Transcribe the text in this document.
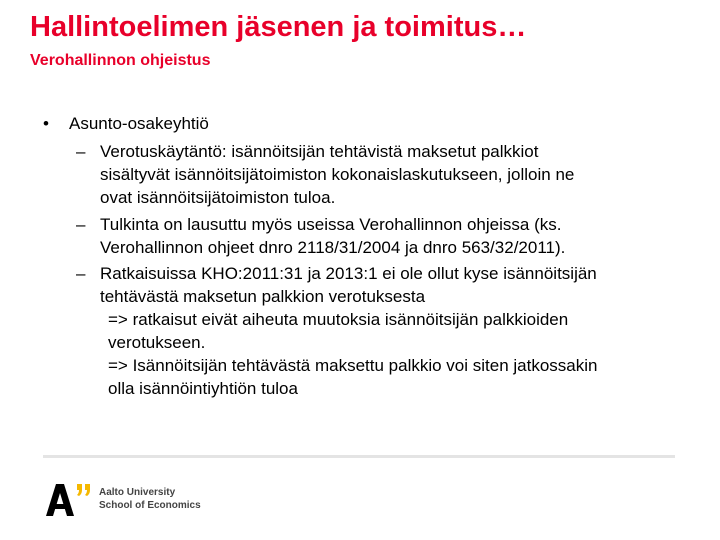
Hallintoelimen jäsenen ja toimitus…
Verohallinnon ohjeistus
• Asunto-osakeyhtiö
– Verotuskäytäntö: isännöitsijän tehtävistä maksetut palkkiot
sisältyvät isännöitsijätoimiston kokonaislaskutukseen, jolloin ne
ovat isännöitsijätoimiston tuloa.
– Tulkinta on lausuttu myös useissa Verohallinnon ohjeissa (ks.
Verohallinnon ohjeet dnro 2118/31/2004 ja dnro 563/32/2011).
– Ratkaisuissa KHO:2011:31 ja 2013:1 ei ole ollut kyse isännöitsijän
tehtävästä maksetun palkkion verotuksesta
=> ratkaisut eivät aiheuta muutoksia isännöitsijän palkkioiden
verotukseen.
=> Isännöitsijän tehtävästä maksettu palkkio voi siten jatkossakin
olla isännöintiyhtiön tuloa
Aalto University
School of Economics
